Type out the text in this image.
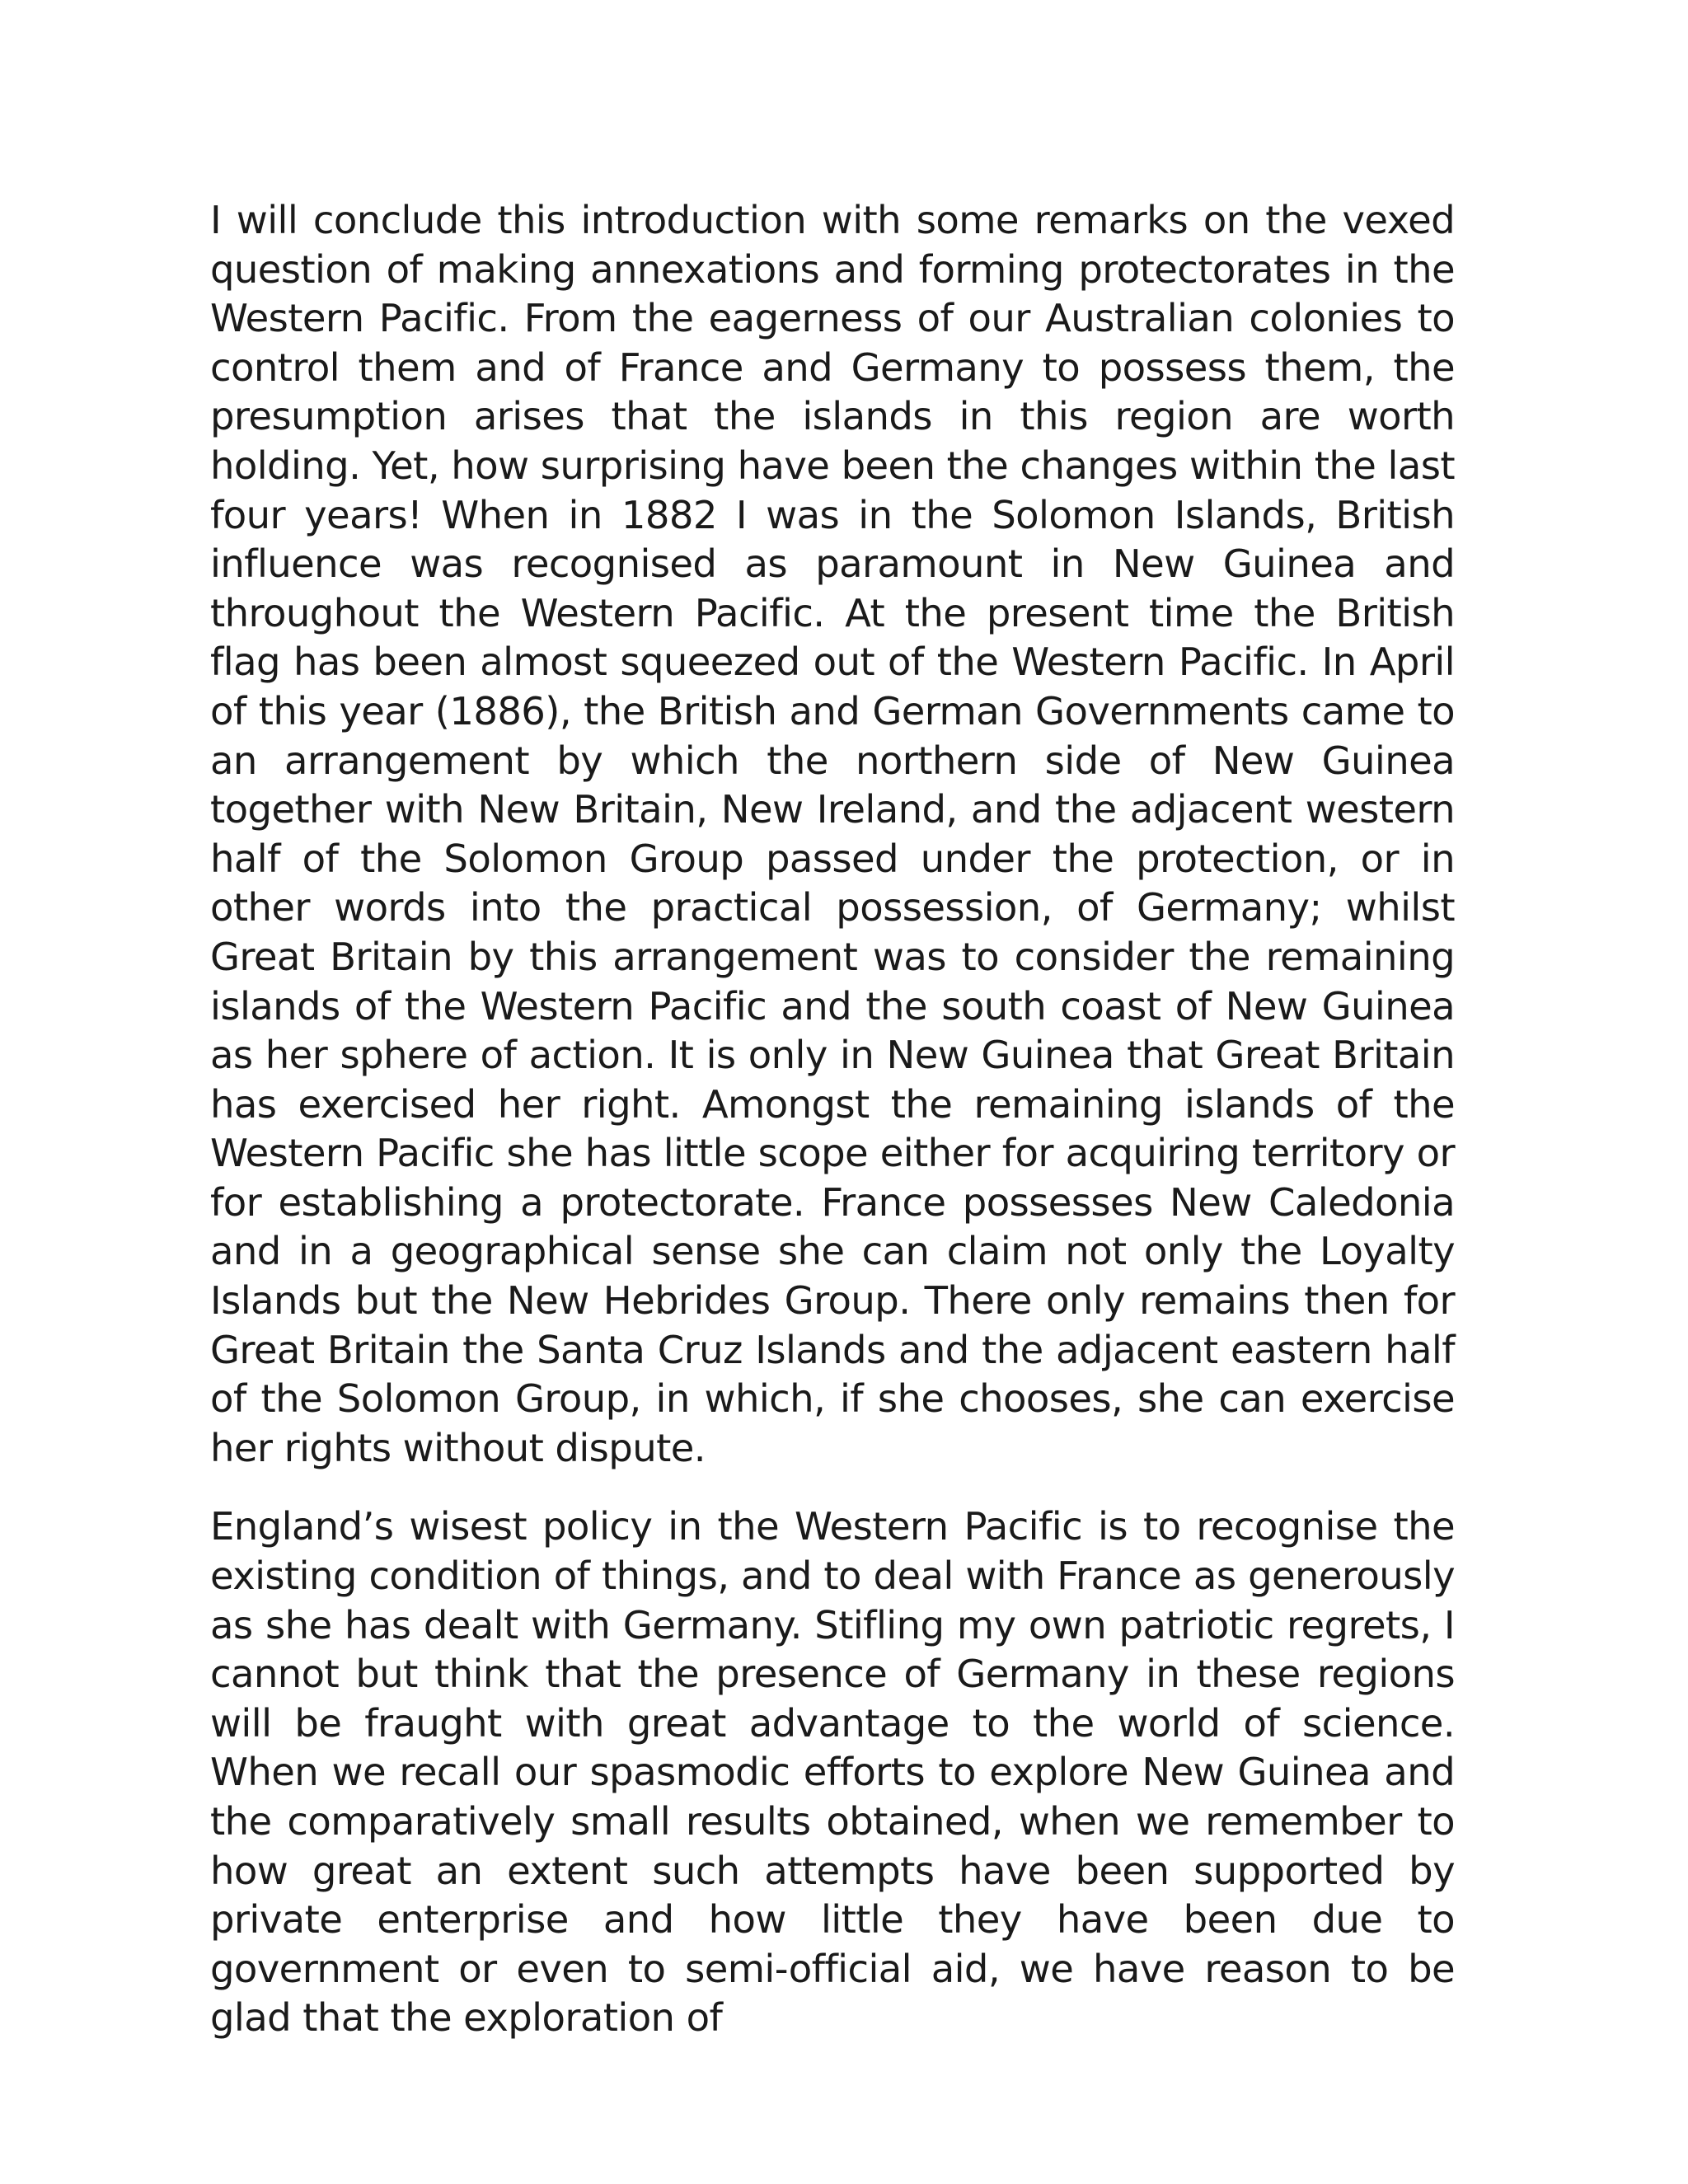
I will conclude this introduction with some remarks on the vexed question of making annexations and forming protectorates in the Western Pacific. From the eagerness of our Australian colonies to control them and of France and Germany to possess them, the presumption arises that the islands in this region are worth holding. Yet, how surprising have been the changes within the last four years! When in 1882 I was in the Solomon Islands, British influence was recognised as paramount in New Guinea and throughout the Western Pacific. At the present time the British flag has been almost squeezed out of the Western Pacific. In April of this year (1886), the British and German Governments came to an arrangement by which the northern side of New Guinea together with New Britain, New Ireland, and the adjacent western half of the Solomon Group passed under the protection, or in other words into the practical possession, of Germany; whilst Great Britain by this arrangement was to consider the remaining islands of the Western Pacific and the south coast of New Guinea as her sphere of action. It is only in New Guinea that Great Britain has exercised her right. Amongst the remaining islands of the Western Pacific she has little scope either for acquiring territory or for establishing a protectorate. France possesses New Caledonia and in a geographical sense she can claim not only the Loyalty Islands but the New Hebrides Group. There only remains then for Great Britain the Santa Cruz Islands and the adjacent eastern half of the Solomon Group, in which, if she chooses, she can exercise her rights without dispute.

England’s wisest policy in the Western Pacific is to recognise the existing condition of things, and to deal with France as generously as she has dealt with Germany. Stifling my own patriotic regrets, I cannot but think that the presence of Germany in these regions will be fraught with great advantage to the world of science. When we recall our spasmodic efforts to explore New Guinea and the comparatively small results obtained, when we remember to how great an extent such attempts have been supported by private enterprise and how little they have been due to government or even to semi-official aid, we have reason to be glad that the exploration of
